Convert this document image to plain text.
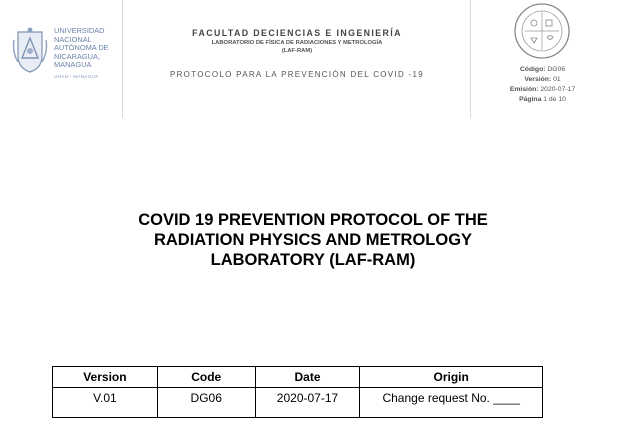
UNIVERSIDAD
NACIONAL
AUTÓNOMA DE
NICARAGUA,
MANAGUA
UNAN - MANAGUA
FACULTAD DECIENCIAS E INGENIERÍA
LABORATORIO DE FÍSICA DE RADIACIONES Y METROLOGÍA
(LAF-RAM)
PROTOCOLO PARA LA PREVENCIÓN DEL COVID -19
Código: DG06
Versión: 01
Emisión: 2020-07-17
Página 1 de 10
COVID 19 PREVENTION PROTOCOL OF THE
RADIATION PHYSICS AND METROLOGY
LABORATORY (LAF-RAM)
Version	Code	Date	Origin
V.01	DG06	2020-07-17	Change request No. ____
